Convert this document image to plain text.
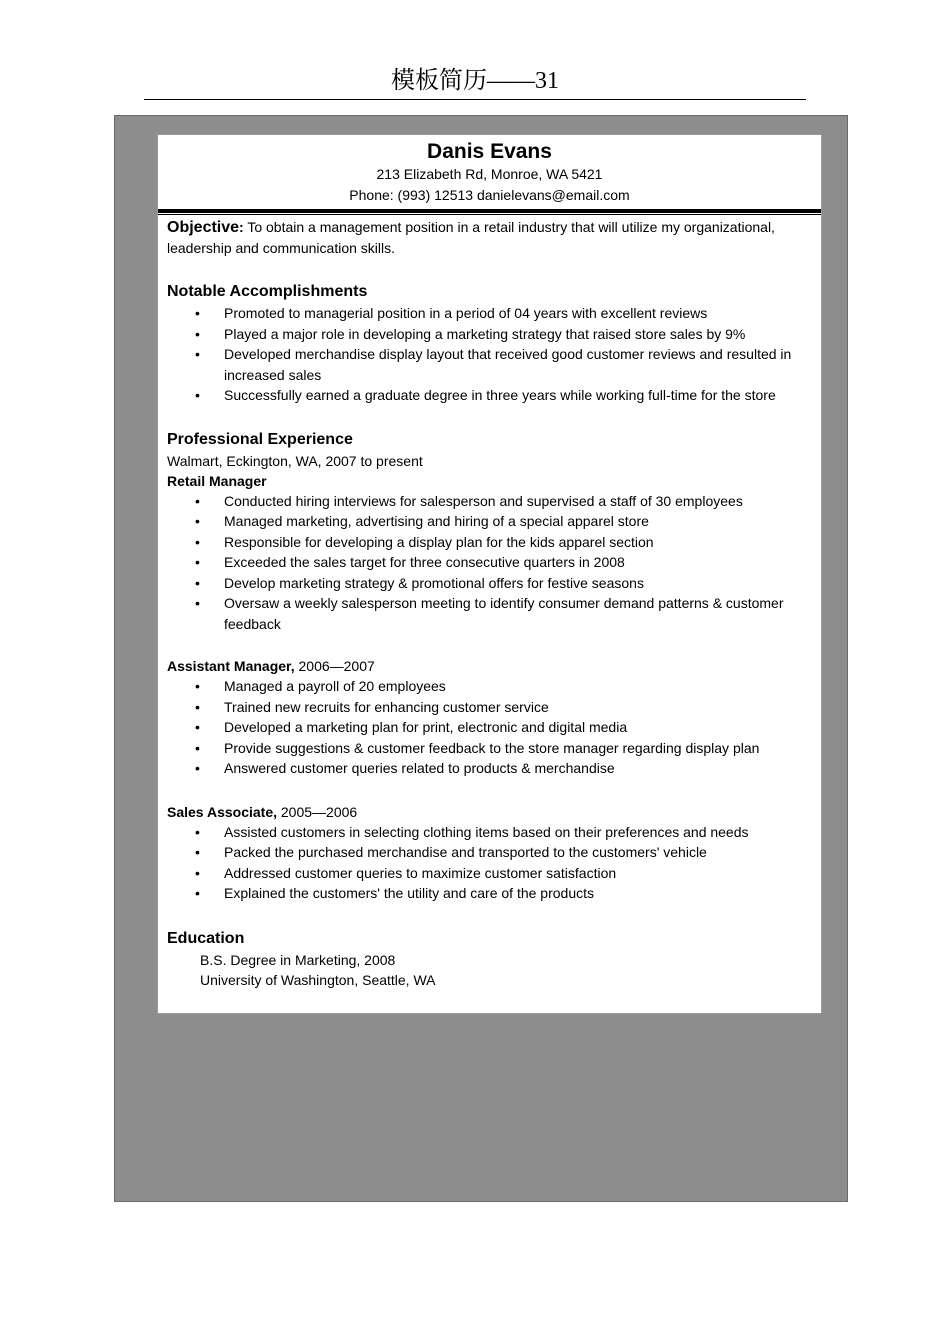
模板简历——31
Danis Evans
213 Elizabeth Rd, Monroe, WA 5421
Phone: (993) 12513 danielevans@email.com
Objective: To obtain a management position in a retail industry that will utilize my organizational, leadership and communication skills.
Notable Accomplishments
• Promoted to managerial position in a period of 04 years with excellent reviews
• Played a major role in developing a marketing strategy that raised store sales by 9%
• Developed merchandise display layout that received good customer reviews and resulted in increased sales
• Successfully earned a graduate degree in three years while working full-time for the store
Professional Experience
Walmart, Eckington, WA, 2007 to present
Retail Manager
• Conducted hiring interviews for salesperson and supervised a staff of 30 employees
• Managed marketing, advertising and hiring of a special apparel store
• Responsible for developing a display plan for the kids apparel section
• Exceeded the sales target for three consecutive quarters in 2008
• Develop marketing strategy & promotional offers for festive seasons
• Oversaw a weekly salesperson meeting to identify consumer demand patterns & customer feedback
Assistant Manager, 2006—2007
• Managed a payroll of 20 employees
• Trained new recruits for enhancing customer service
• Developed a marketing plan for print, electronic and digital media
• Provide suggestions & customer feedback to the store manager regarding display plan
• Answered customer queries related to products & merchandise
Sales Associate, 2005—2006
• Assisted customers in selecting clothing items based on their preferences and needs
• Packed the purchased merchandise and transported to the customers' vehicle
• Addressed customer queries to maximize customer satisfaction
• Explained the customers' the utility and care of the products
Education
B.S. Degree in Marketing, 2008
University of Washington, Seattle, WA
